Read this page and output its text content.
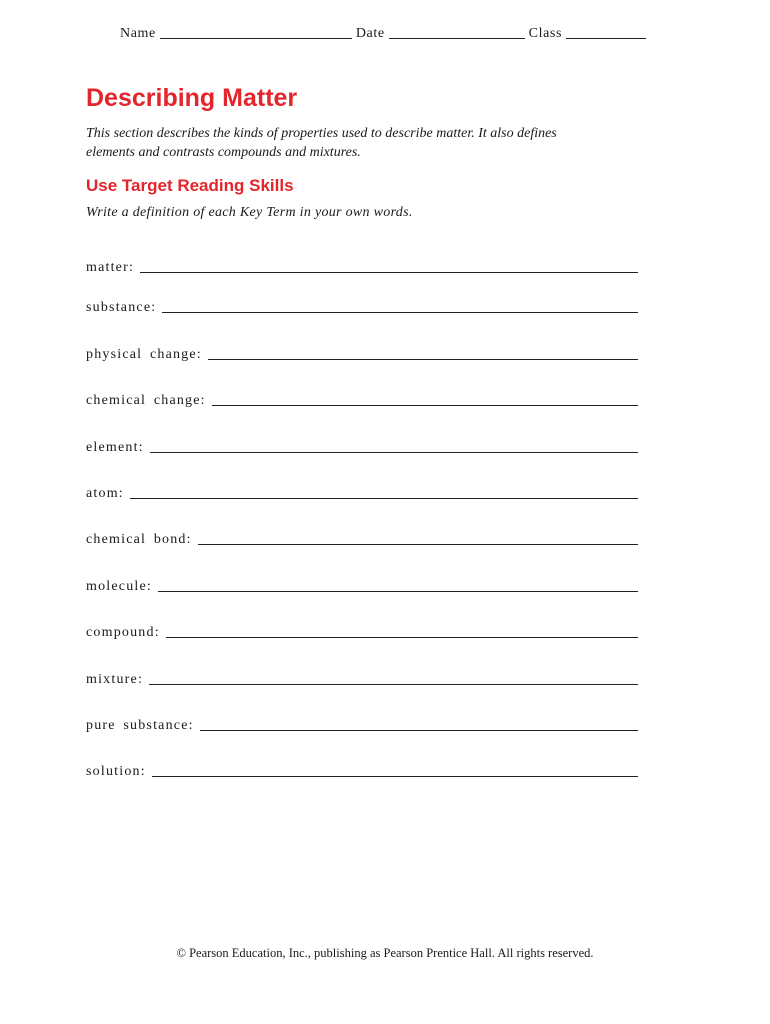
Name	Date	Class
Describing Matter

This section describes the kinds of properties used to describe matter. It also defines elements and contrasts compounds and mixtures.

Use Target Reading Skills

Write a definition of each Key Term in your own words.

matter:
substance:
physical change:
chemical change:
element:
atom:
chemical bond:
molecule:
compound:
mixture:
pure substance:
solution:

© Pearson Education, Inc., publishing as Pearson Prentice Hall. All rights reserved.
